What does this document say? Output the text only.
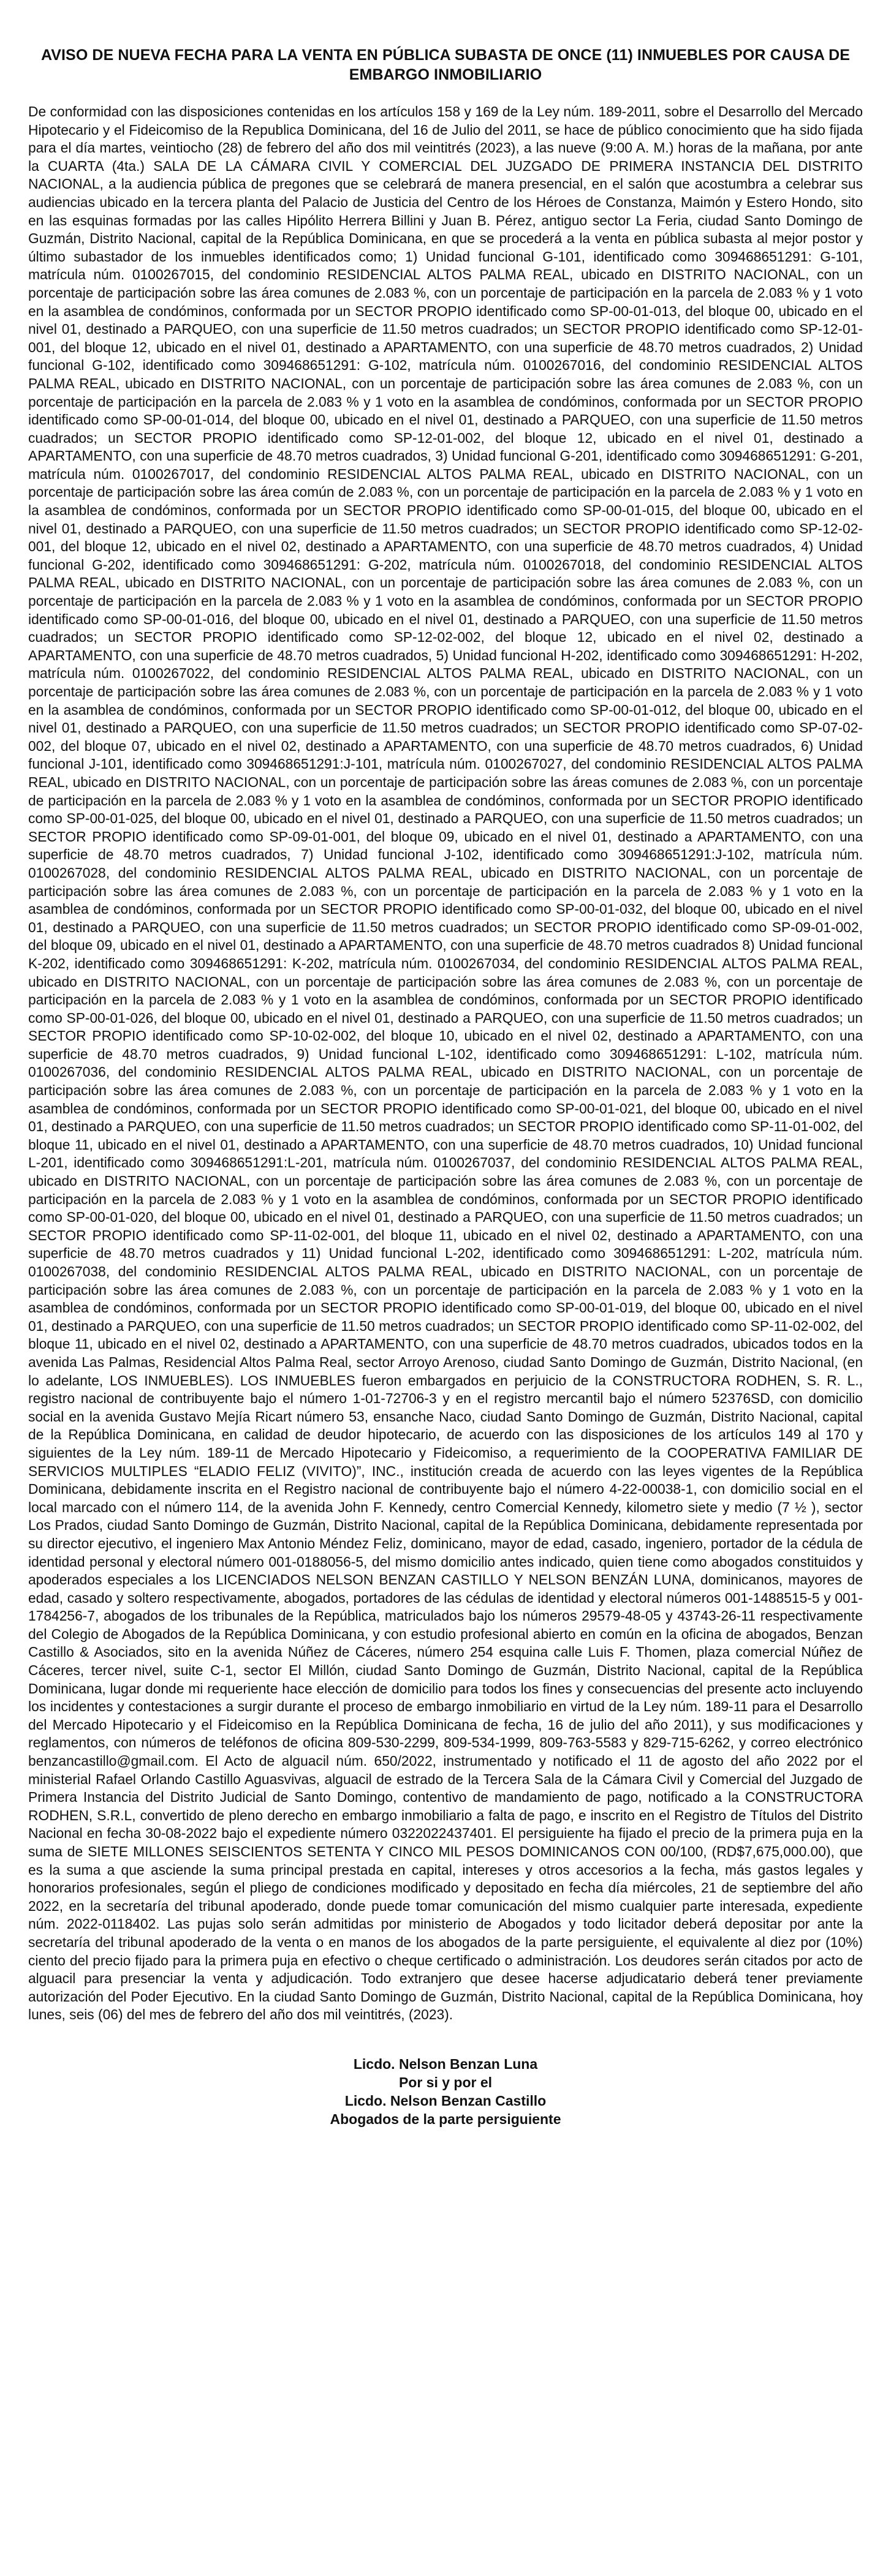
AVISO DE NUEVA FECHA PARA LA VENTA EN PÚBLICA SUBASTA DE ONCE (11) INMUEBLES POR CAUSA DE EMBARGO INMOBILIARIO

De conformidad con las disposiciones contenidas en los artículos 158 y 169 de la Ley núm. 189-2011, sobre el Desarrollo del Mercado Hipotecario y el Fideicomiso de la Republica Dominicana, del 16 de Julio del 2011, se hace de público conocimiento que ha sido fijada para el día martes, veintiocho (28) de febrero del año dos mil veintitrés (2023), a las nueve (9:00 A. M.) horas de la mañana, por ante la CUARTA (4ta.) SALA DE LA CÁMARA CIVIL Y COMERCIAL DEL JUZGADO DE PRIMERA INSTANCIA DEL DISTRITO NACIONAL, a la audiencia pública de pregones que se celebrará de manera presencial, en el salón que acostumbra a celebrar sus audiencias ubicado en la tercera planta del Palacio de Justicia del Centro de los Héroes de Constanza, Maimón y Estero Hondo, sito en las esquinas formadas por las calles Hipólito Herrera Billini y Juan B. Pérez, antiguo sector La Feria, ciudad Santo Domingo de Guzmán, Distrito Nacional, capital de la República Dominicana, en que se procederá a la venta en pública subasta al mejor postor y último subastador de los inmuebles identificados como; 1) Unidad funcional G-101, identificado como 309468651291: G-101, matrícula núm. 0100267015, del condominio RESIDENCIAL ALTOS PALMA REAL, ubicado en DISTRITO NACIONAL, con un porcentaje de participación sobre las área comunes de 2.083 %, con un porcentaje de participación en la parcela de 2.083 % y 1 voto en la asamblea de condóminos, conformada por un SECTOR PROPIO identificado como SP-00-01-013, del bloque 00, ubicado en el nivel 01, destinado a PARQUEO, con una superficie de 11.50 metros cuadrados; un SECTOR PROPIO identificado como SP-12-01-001, del bloque 12, ubicado en el nivel 01, destinado a APARTAMENTO, con una superficie de 48.70 metros cuadrados, 2) Unidad funcional G-102, identificado como 309468651291: G-102, matrícula núm. 0100267016, del condominio RESIDENCIAL ALTOS PALMA REAL, ubicado en DISTRITO NACIONAL, con un porcentaje de participación sobre las área comunes de 2.083 %, con un porcentaje de participación en la parcela de 2.083 % y 1 voto en la asamblea de condóminos, conformada por un SECTOR PROPIO identificado como SP-00-01-014, del bloque 00, ubicado en el nivel 01, destinado a PARQUEO, con una superficie de 11.50 metros cuadrados; un SECTOR PROPIO identificado como SP-12-01-002, del bloque 12, ubicado en el nivel 01, destinado a APARTAMENTO, con una superficie de 48.70 metros cuadrados, 3) Unidad funcional G-201, identificado como 309468651291: G-201, matrícula núm. 0100267017, del condominio RESIDENCIAL ALTOS PALMA REAL, ubicado en DISTRITO NACIONAL, con un porcentaje de participación sobre las área común de 2.083 %, con un porcentaje de participación en la parcela de 2.083 % y 1 voto en la asamblea de condóminos, conformada por un SECTOR PROPIO identificado como SP-00-01-015, del bloque 00, ubicado en el nivel 01, destinado a PARQUEO, con una superficie de 11.50 metros cuadrados; un SECTOR PROPIO identificado como SP-12-02-001, del bloque 12, ubicado en el nivel 02, destinado a APARTAMENTO, con una superficie de 48.70 metros cuadrados, 4) Unidad funcional G-202, identificado como 309468651291: G-202, matrícula núm. 0100267018, del condominio RESIDENCIAL ALTOS PALMA REAL, ubicado en DISTRITO NACIONAL, con un porcentaje de participación sobre las área comunes de 2.083 %, con un porcentaje de participación en la parcela de 2.083 % y 1 voto en la asamblea de condóminos, conformada por un SECTOR PROPIO identificado como SP-00-01-016, del bloque 00, ubicado en el nivel 01, destinado a PARQUEO, con una superficie de 11.50 metros cuadrados; un SECTOR PROPIO identificado como SP-12-02-002, del bloque 12, ubicado en el nivel 02, destinado a APARTAMENTO, con una superficie de 48.70 metros cuadrados, 5) Unidad funcional H-202, identificado como 309468651291: H-202, matrícula núm. 0100267022, del condominio RESIDENCIAL ALTOS PALMA REAL, ubicado en DISTRITO NACIONAL, con un porcentaje de participación sobre las área comunes de 2.083 %, con un porcentaje de participación en la parcela de 2.083 % y 1 voto en la asamblea de condóminos, conformada por un SECTOR PROPIO identificado como SP-00-01-012, del bloque 00, ubicado en el nivel 01, destinado a PARQUEO, con una superficie de 11.50 metros cuadrados; un SECTOR PROPIO identificado como SP-07-02-002, del bloque 07, ubicado en el nivel 02, destinado a APARTAMENTO, con una superficie de 48.70 metros cuadrados, 6) Unidad funcional J-101, identificado como 309468651291:J-101, matrícula núm. 0100267027, del condominio RESIDENCIAL ALTOS PALMA REAL, ubicado en DISTRITO NACIONAL, con un porcentaje de participación sobre las áreas comunes de 2.083 %, con un porcentaje de participación en la parcela de 2.083 % y 1 voto en la asamblea de condóminos, conformada por un SECTOR PROPIO identificado como SP-00-01-025, del bloque 00, ubicado en el nivel 01, destinado a PARQUEO, con una superficie de 11.50 metros cuadrados; un SECTOR PROPIO identificado como SP-09-01-001, del bloque 09, ubicado en el nivel 01, destinado a APARTAMENTO, con una superficie de 48.70 metros cuadrados, 7) Unidad funcional J-102, identificado como 309468651291:J-102, matrícula núm. 0100267028, del condominio RESIDENCIAL ALTOS PALMA REAL, ubicado en DISTRITO NACIONAL, con un porcentaje de participación sobre las área comunes de 2.083 %, con un porcentaje de participación en la parcela de 2.083 % y 1 voto en la asamblea de condóminos, conformada por un SECTOR PROPIO identificado como SP-00-01-032, del bloque 00, ubicado en el nivel 01, destinado a PARQUEO, con una superficie de 11.50 metros cuadrados; un SECTOR PROPIO identificado como SP-09-01-002, del bloque 09, ubicado en el nivel 01, destinado a APARTAMENTO, con una superficie de 48.70 metros cuadrados 8) Unidad funcional K-202, identificado como 309468651291: K-202, matrícula núm. 0100267034, del condominio RESIDENCIAL ALTOS PALMA REAL, ubicado en DISTRITO NACIONAL, con un porcentaje de participación sobre las área comunes de 2.083 %, con un porcentaje de participación en la parcela de 2.083 % y 1 voto en la asamblea de condóminos, conformada por un SECTOR PROPIO identificado como SP-00-01-026, del bloque 00, ubicado en el nivel 01, destinado a PARQUEO, con una superficie de 11.50 metros cuadrados; un SECTOR PROPIO identificado como SP-10-02-002, del bloque 10, ubicado en el nivel 02, destinado a APARTAMENTO, con una superficie de 48.70 metros cuadrados, 9) Unidad funcional L-102, identificado como 309468651291: L-102, matrícula núm. 0100267036, del condominio RESIDENCIAL ALTOS PALMA REAL, ubicado en DISTRITO NACIONAL, con un porcentaje de participación sobre las área comunes de 2.083 %, con un porcentaje de participación en la parcela de 2.083 % y 1 voto en la asamblea de condóminos, conformada por un SECTOR PROPIO identificado como SP-00-01-021, del bloque 00, ubicado en el nivel 01, destinado a PARQUEO, con una superficie de 11.50 metros cuadrados; un SECTOR PROPIO identificado como SP-11-01-002, del bloque 11, ubicado en el nivel 01, destinado a APARTAMENTO, con una superficie de 48.70 metros cuadrados, 10) Unidad funcional L-201, identificado como 309468651291:L-201, matrícula núm. 0100267037, del condominio RESIDENCIAL ALTOS PALMA REAL, ubicado en DISTRITO NACIONAL, con un porcentaje de participación sobre las área comunes de 2.083 %, con un porcentaje de participación en la parcela de 2.083 % y 1 voto en la asamblea de condóminos, conformada por un SECTOR PROPIO identificado como SP-00-01-020, del bloque 00, ubicado en el nivel 01, destinado a PARQUEO, con una superficie de 11.50 metros cuadrados; un SECTOR PROPIO identificado como SP-11-02-001, del bloque 11, ubicado en el nivel 02, destinado a APARTAMENTO, con una superficie de 48.70 metros cuadrados y 11) Unidad funcional L-202, identificado como 309468651291: L-202, matrícula núm. 0100267038, del condominio RESIDENCIAL ALTOS PALMA REAL, ubicado en DISTRITO NACIONAL, con un porcentaje de participación sobre las área comunes de 2.083 %, con un porcentaje de participación en la parcela de 2.083 % y 1 voto en la asamblea de condóminos, conformada por un SECTOR PROPIO identificado como SP-00-01-019, del bloque 00, ubicado en el nivel 01, destinado a PARQUEO, con una superficie de 11.50 metros cuadrados; un SECTOR PROPIO identificado como SP-11-02-002, del bloque 11, ubicado en el nivel 02, destinado a APARTAMENTO, con una superficie de 48.70 metros cuadrados, ubicados todos en la avenida Las Palmas, Residencial Altos Palma Real, sector Arroyo Arenoso, ciudad Santo Domingo de Guzmán, Distrito Nacional, (en lo adelante, LOS INMUEBLES). LOS INMUEBLES fueron embargados en perjuicio de la CONSTRUCTORA RODHEN, S. R. L., registro nacional de contribuyente bajo el número 1-01-72706-3 y en el registro mercantil bajo el número 52376SD, con domicilio social en la avenida Gustavo Mejía Ricart número 53, ensanche Naco, ciudad Santo Domingo de Guzmán, Distrito Nacional, capital de la República Dominicana, en calidad de deudor hipotecario, de acuerdo con las disposiciones de los artículos 149 al 170 y siguientes de la Ley núm. 189-11 de Mercado Hipotecario y Fideicomiso, a requerimiento de la COOPERATIVA FAMILIAR DE SERVICIOS MULTIPLES “ELADIO FELIZ (VIVITO)”, INC., institución creada de acuerdo con las leyes vigentes de la República Dominicana, debidamente inscrita en el Registro nacional de contribuyente bajo el número 4-22-00038-1, con domicilio social en el local marcado con el número 114, de la avenida John F. Kennedy, centro Comercial Kennedy, kilometro siete y medio (7 ½ ), sector Los Prados, ciudad Santo Domingo de Guzmán, Distrito Nacional, capital de la República Dominicana, debidamente representada por su director ejecutivo, el ingeniero Max Antonio Méndez Feliz, dominicano, mayor de edad, casado, ingeniero, portador de la cédula de identidad personal y electoral número 001-0188056-5, del mismo domicilio antes indicado, quien tiene como abogados constituidos y apoderados especiales a los LICENCIADOS NELSON BENZAN CASTILLO Y NELSON BENZÁN LUNA, dominicanos, mayores de edad, casado y soltero respectivamente, abogados, portadores de las cédulas de identidad y electoral números 001-1488515-5 y 001-1784256-7, abogados de los tribunales de la República, matriculados bajo los números 29579-48-05 y 43743-26-11 respectivamente del Colegio de Abogados de la República Dominicana, y con estudio profesional abierto en común en la oficina de abogados, Benzan Castillo & Asociados, sito en la avenida Núñez de Cáceres, número 254 esquina calle Luis F. Thomen, plaza comercial Núñez de Cáceres, tercer nivel, suite C-1, sector El Millón, ciudad Santo Domingo de Guzmán, Distrito Nacional, capital de la República Dominicana, lugar donde mi requeriente hace elección de domicilio para todos los fines y consecuencias del presente acto incluyendo los incidentes y contestaciones a surgir durante el proceso de embargo inmobiliario en virtud de la Ley núm. 189-11 para el Desarrollo del Mercado Hipotecario y el Fideicomiso en la República Dominicana de fecha, 16 de julio del año 2011), y sus modificaciones y reglamentos, con números de teléfonos de oficina 809-530-2299, 809-534-1999, 809-763-5583 y 829-715-6262, y correo electrónico benzancastillo@gmail.com. El Acto de alguacil núm. 650/2022, instrumentado y notificado el 11 de agosto del año 2022 por el ministerial Rafael Orlando Castillo Aguasvivas, alguacil de estrado de la Tercera Sala de la Cámara Civil y Comercial del Juzgado de Primera Instancia del Distrito Judicial de Santo Domingo, contentivo de mandamiento de pago, notificado a la CONSTRUCTORA RODHEN, S.R.L, convertido de pleno derecho en embargo inmobiliario a falta de pago, e inscrito en el Registro de Títulos del Distrito Nacional en fecha 30-08-2022 bajo el expediente número 0322022437401. El persiguiente ha fijado el precio de la primera puja en la suma de SIETE MILLONES SEISCIENTOS SETENTA Y CINCO MIL PESOS DOMINICANOS CON 00/100, (RD$7,675,000.00), que es la suma a que asciende la suma principal prestada en capital, intereses y otros accesorios a la fecha, más gastos legales y honorarios profesionales, según el pliego de condiciones modificado y depositado en fecha día miércoles, 21 de septiembre del año 2022, en la secretaría del tribunal apoderado, donde puede tomar comunicación del mismo cualquier parte interesada, expediente núm. 2022-0118402. Las pujas solo serán admitidas por ministerio de Abogados y todo licitador deberá depositar por ante la secretaría del tribunal apoderado de la venta o en manos de los abogados de la parte persiguiente, el equivalente al diez por (10%) ciento del precio fijado para la primera puja en efectivo o cheque certificado o administración. Los deudores serán citados por acto de alguacil para presenciar la venta y adjudicación. Todo extranjero que desee hacerse adjudicatario deberá tener previamente autorización del Poder Ejecutivo. En la ciudad Santo Domingo de Guzmán, Distrito Nacional, capital de la República Dominicana, hoy lunes, seis (06) del mes de febrero del año dos mil veintitrés, (2023).

Licdo. Nelson Benzan Luna
Por si y por el
Licdo. Nelson Benzan Castillo
Abogados de la parte persiguiente
